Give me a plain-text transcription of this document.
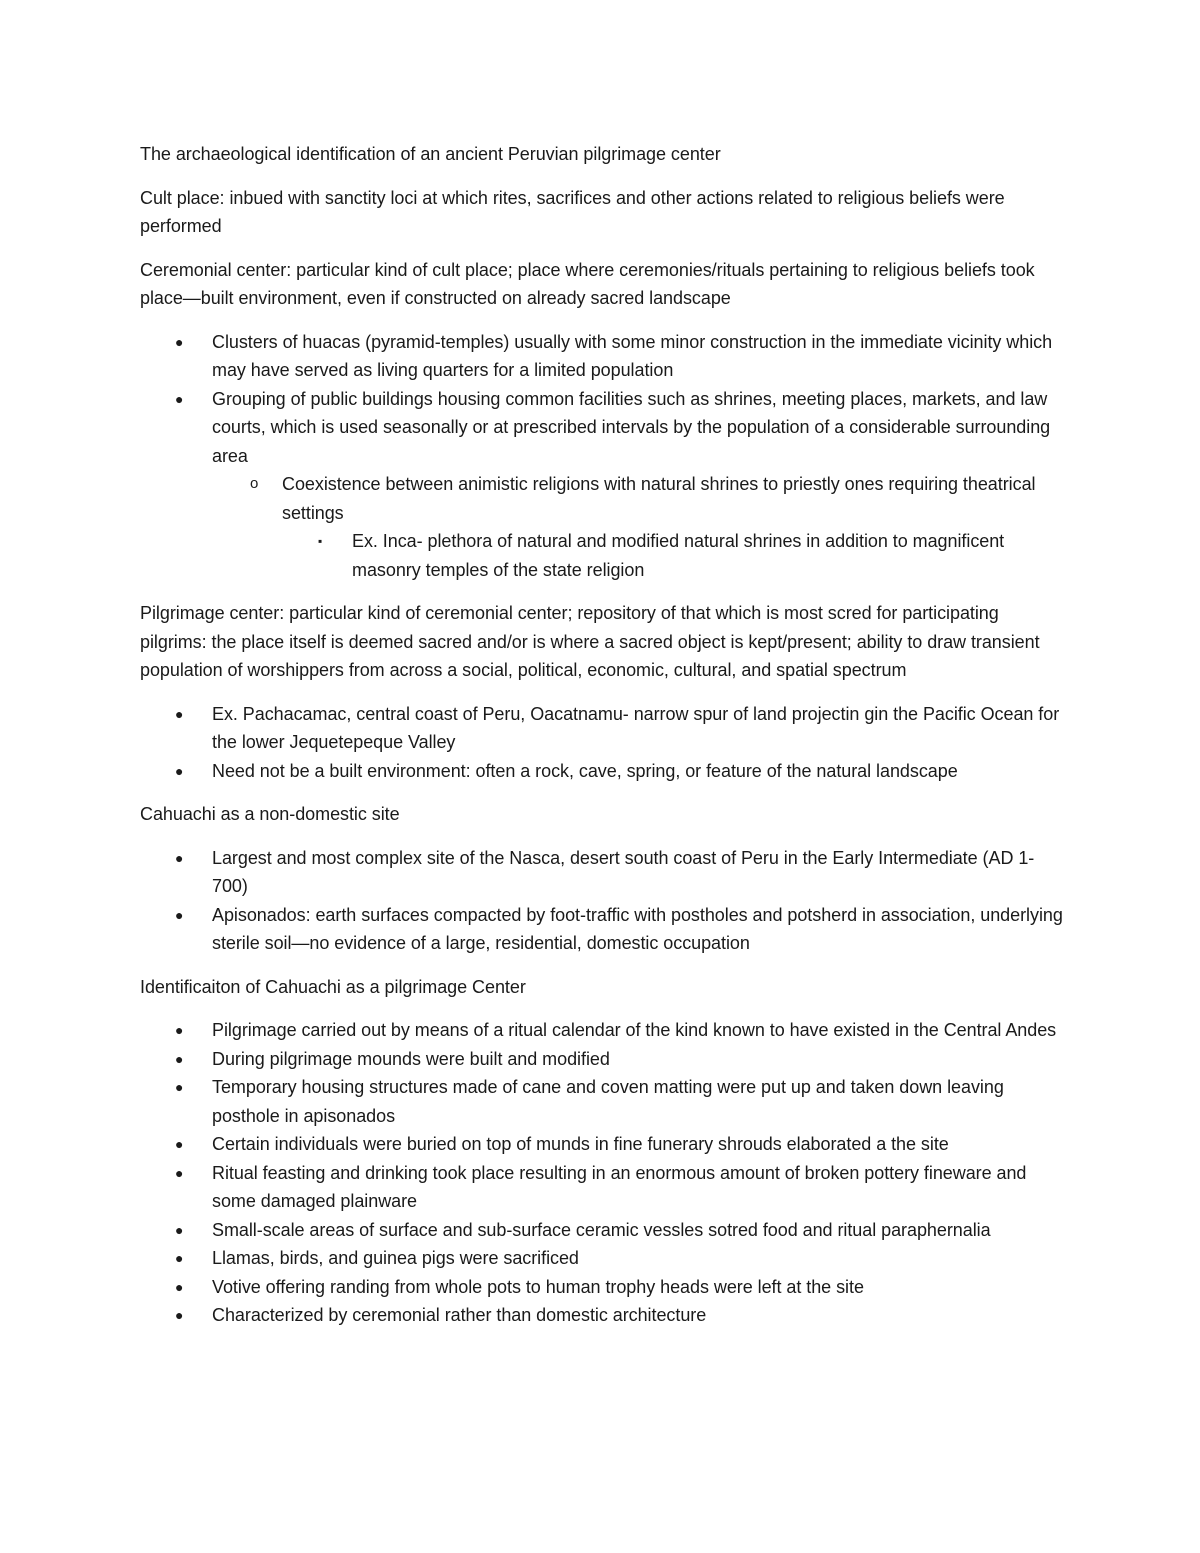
The archaeological identification of an ancient Peruvian pilgrimage center

Cult place: inbued with sanctity loci at which rites, sacrifices and other actions related to religious beliefs were performed

Ceremonial center: particular kind of cult place; place where ceremonies/rituals pertaining to religious beliefs took place—built environment, even if constructed on already sacred landscape

● Clusters of huacas (pyramid-temples) usually with some minor construction in the immediate vicinity which may have served as living quarters for a limited population
● Grouping of public buildings housing common facilities such as shrines, meeting places, markets, and law courts, which is used seasonally or at prescribed intervals by the population of a considerable surrounding area
o Coexistence between animistic religions with natural shrines to priestly ones requiring theatrical settings
▪ Ex. Inca- plethora of natural and modified natural shrines in addition to magnificent masonry temples of the state religion

Pilgrimage center: particular kind of ceremonial center; repository of that which is most scred for participating pilgrims: the place itself is deemed sacred and/or is where a sacred object is kept/present; ability to draw transient population of worshippers from across a social, political, economic, cultural, and spatial spectrum

● Ex. Pachacamac, central coast of Peru, Oacatnamu- narrow spur of land projectin gin the Pacific Ocean for the lower Jequetepeque Valley
● Need not be a built environment: often a rock, cave, spring, or feature of the natural landscape

Cahuachi as a non-domestic site

● Largest and most complex site of the Nasca, desert south coast of Peru in the Early Intermediate (AD 1-700)
● Apisonados: earth surfaces compacted by foot-traffic with postholes and potsherd in association, underlying sterile soil—no evidence of a large, residential, domestic occupation

Identificaiton of Cahuachi as a pilgrimage Center

● Pilgrimage carried out by means of a ritual calendar of the kind known to have existed in the Central Andes
● During pilgrimage mounds were built and modified
● Temporary housing structures made of cane and coven matting were put up and taken down leaving posthole in apisonados
● Certain individuals were buried on top of munds in fine funerary shrouds elaborated a the site
● Ritual feasting and drinking took place resulting in an enormous amount of broken pottery fineware and some damaged plainware
● Small-scale areas of surface and sub-surface ceramic vessles sotred food and ritual paraphernalia
● Llamas, birds, and guinea pigs were sacrificed
● Votive offering randing from whole pots to human trophy heads were left at the site
● Characterized by ceremonial rather than domestic architecture
